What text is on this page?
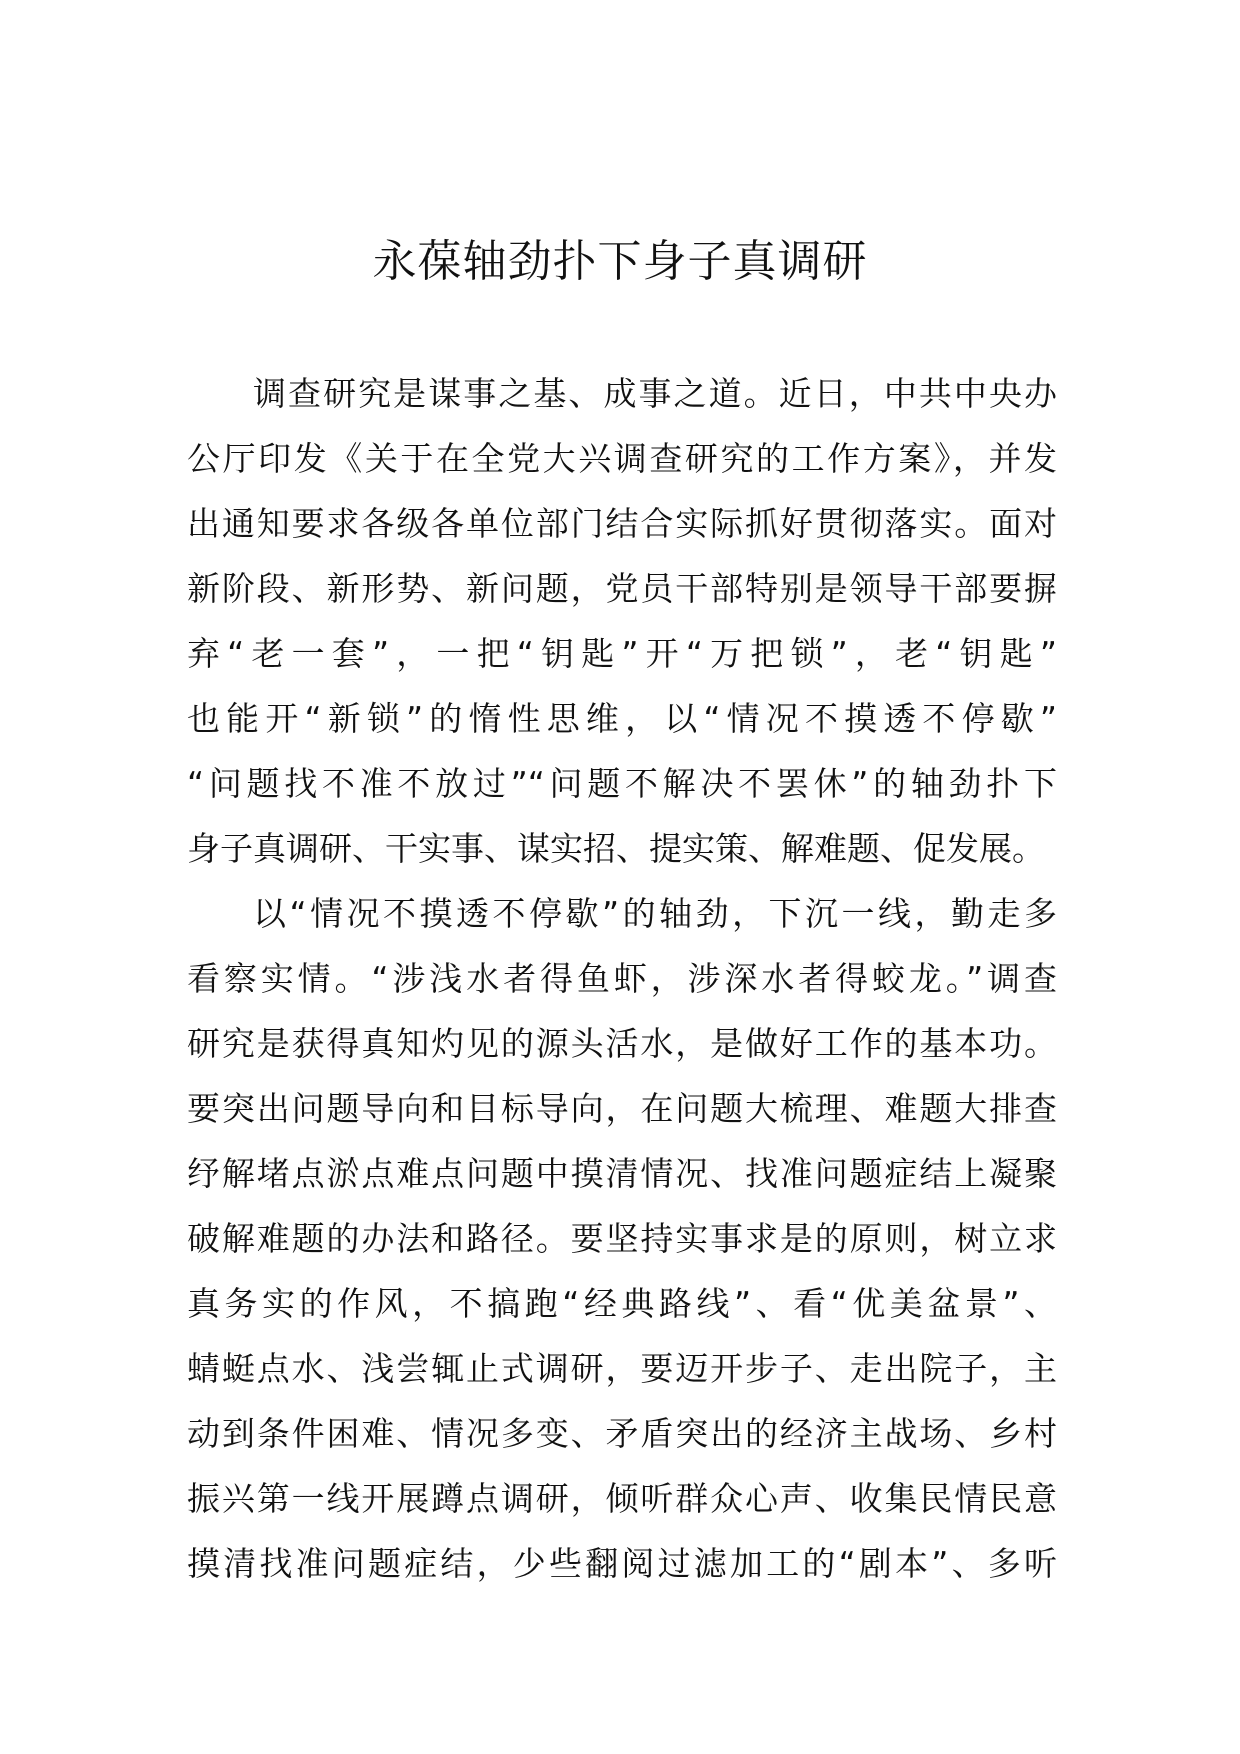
永葆轴劲扑下身子真调研
调查研究是谋事之基、成事之道。近日，中共中央办
公厅印发《关于在全党大兴调查研究的工作方案》，并发
出通知要求各级各单位部门结合实际抓好贯彻落实。面对
新阶段、新形势、新问题，党员干部特别是领导干部要摒
弃“老一套”，一把“钥匙”开“万把锁”，老“钥匙”
也能开“新锁”的惰性思维，以“情况不摸透不停歇”
“问题找不准不放过”“问题不解决不罢休”的轴劲扑下
身子真调研、干实事、谋实招、提实策、解难题、促发展。
以“情况不摸透不停歇”的轴劲，下沉一线，勤走多
看察实情。“涉浅水者得鱼虾，涉深水者得蛟龙。”调查
研究是获得真知灼见的源头活水，是做好工作的基本功。
要突出问题导向和目标导向，在问题大梳理、难题大排查
纾解堵点淤点难点问题中摸清情况、找准问题症结上凝聚
破解难题的办法和路径。要坚持实事求是的原则，树立求
真务实的作风，不搞跑“经典路线”、看“优美盆景”、
蜻蜓点水、浅尝辄止式调研，要迈开步子、走出院子，主
动到条件困难、情况多变、矛盾突出的经济主战场、乡村
振兴第一线开展蹲点调研，倾听群众心声、收集民情民意
摸清找准问题症结，少些翻阅过滤加工的“剧本”、多听
